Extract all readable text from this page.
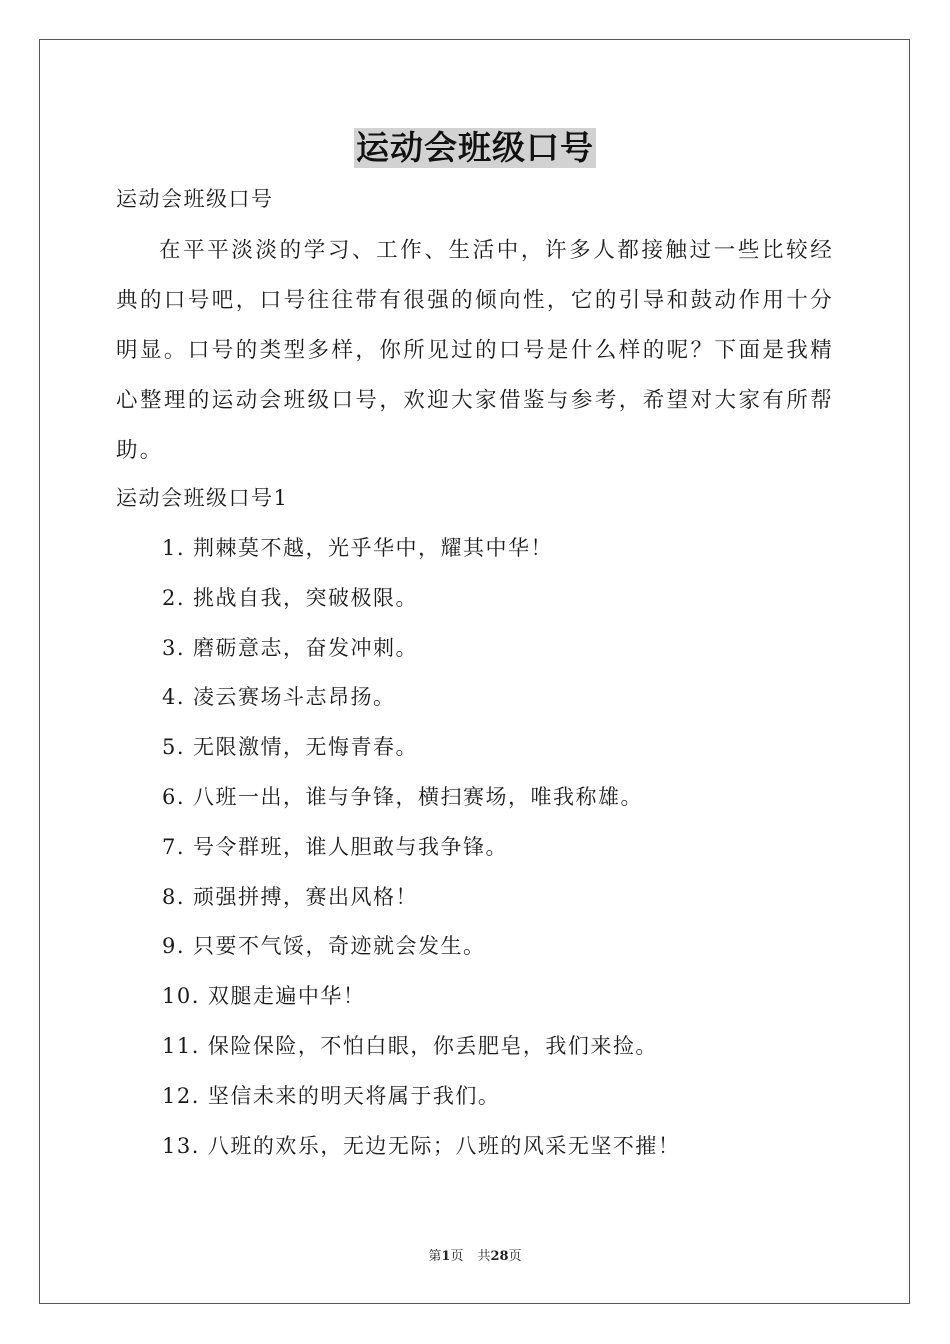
运动会班级口号
运动会班级口号

在平平淡淡的学习、工作、生活中，许多人都接触过一些比较经典的口号吧，口号往往带有很强的倾向性，它的引导和鼓动作用十分明显。口号的类型多样，你所见过的口号是什么样的呢？下面是我精心整理的运动会班级口号，欢迎大家借鉴与参考，希望对大家有所帮助。

运动会班级口号1
1. 荆棘莫不越，光乎华中，耀其中华！
2. 挑战自我，突破极限。
3. 磨砺意志，奋发冲刺。
4. 凌云赛场斗志昂扬。
5. 无限激情，无悔青春。
6. 八班一出，谁与争锋，横扫赛场，唯我称雄。
7. 号令群班，谁人胆敢与我争锋。
8. 顽强拼搏，赛出风格！
9. 只要不气馁，奇迹就会发生。
10. 双腿走遍中华！
11. 保险保险，不怕白眼，你丢肥皂，我们来捡。
12. 坚信未来的明天将属于我们。
13. 八班的欢乐，无边无际；八班的风采无坚不摧！
第1页 共28页
